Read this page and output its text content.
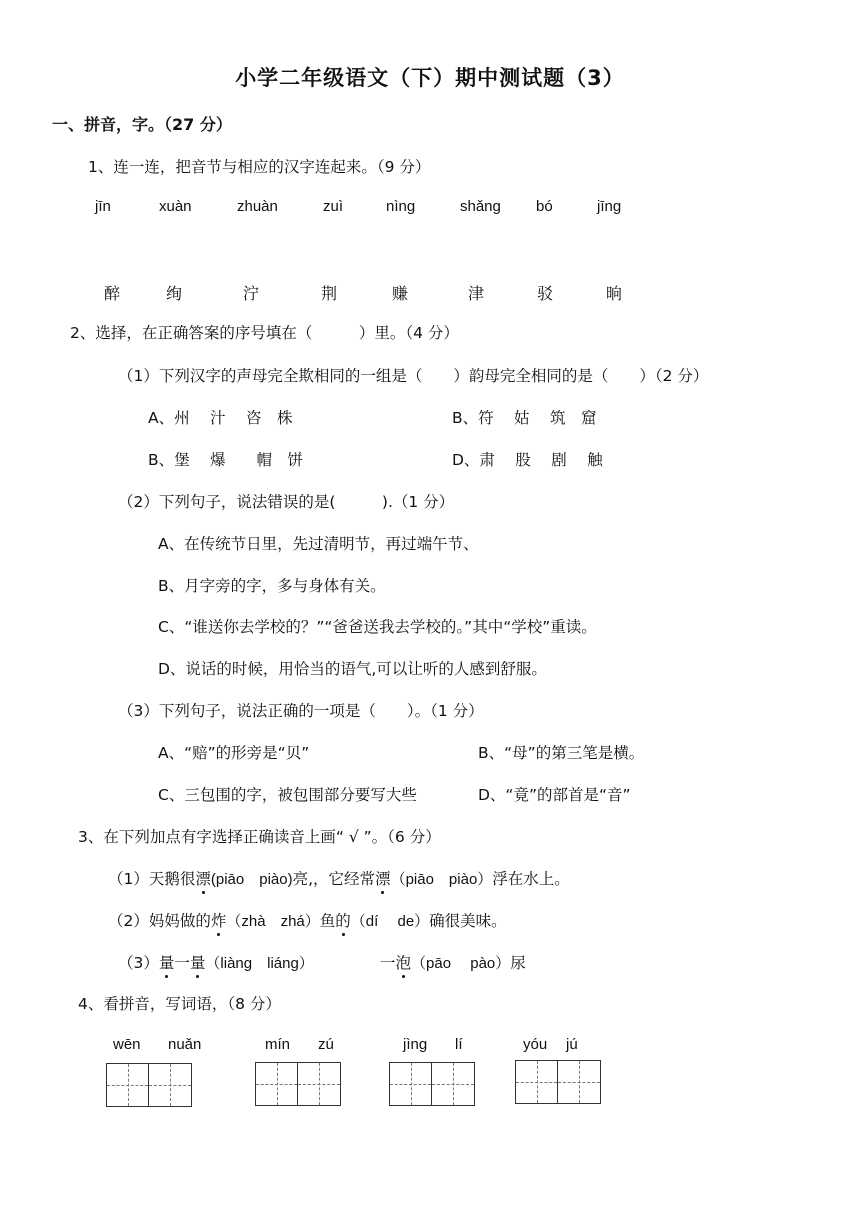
小学二年级语文（下）期中测试题（3）
一、拼音，字。（27 分）
1、连一连，把音节与相应的汉字连起来。（9 分）
jīn	xuàn	zhuàn	zuì	nìng	shǎng bó	jīng
醉	绚	泞	荆	赚	津	驳	晌
2、选择，在正确答案的序号填在（　　　）里。（4 分）
（1）下列汉字的声母完全欺相同的一组是（　　）韵母完全相同的是（　　）（2 分）
A、州　 汁　 咨　株	B、符　 姑　 筑　窟
B、堡　 爆　　帽　饼	D、肃　 股　 剧　 触
（2）下列句子，说法错误的是(　　　).（1 分）
A、在传统节日里，先过清明节，再过端午节、
B、月字旁的字，多与身体有关。
C、“谁送你去学校的？”“爸爸送我去学校的。”其中“学校”重读。
D、说话的时候，用恰当的语气,可以让听的人感到舒服。
（3）下列句子，说法正确的一项是（　　）。（1 分）
A、“赔”的形旁是“贝”	B、“母”的第三笔是横。
C、三包围的字，被包围部分要写大些	D、“竟”的部首是“音”
3、在下列加点有字选择正确读音上画“ √ ”。（6 分）
（1）天鹅很漂(piāo　piào)亮,，它经常漂（piāo　piào）浮在水上。
（2）妈妈做的炸（zhà　zhá）鱼的（dí　 de）确很美味。
（3）量一量（liàng　liáng）	一泡（pāo　 pào）尿
4、看拼音，写词语，（8 分）
wēn nuǎn	mín zú	jìng lí	yóu jú
